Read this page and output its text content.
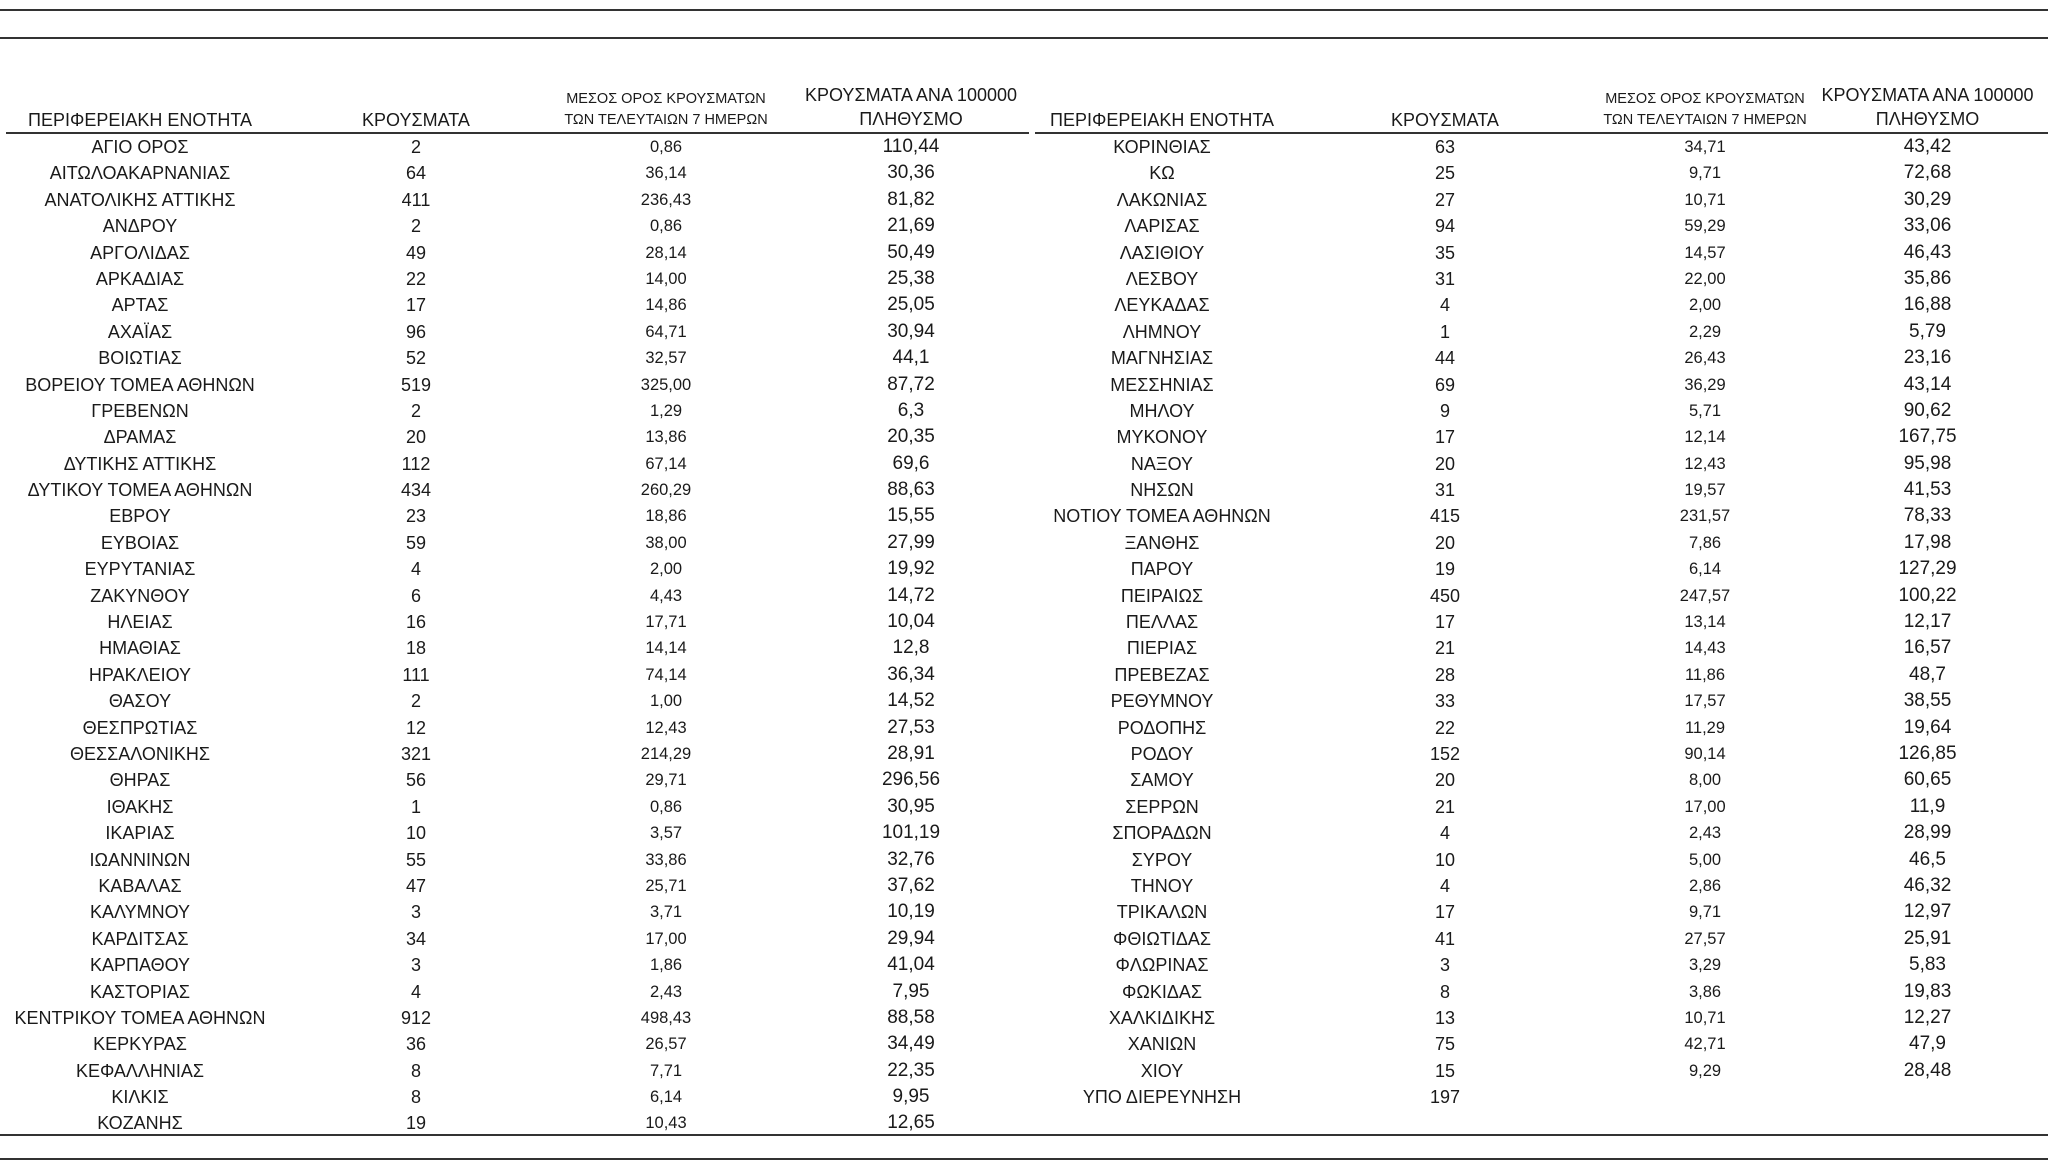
ΠΕΡΙΦΕΡΕΙΑΚΗ ΕΝΟΤΗΤΑ	ΚΡΟΥΣΜΑΤΑ
ΜΕΣΟΣ ΟΡΟΣ ΚΡΟΥΣΜΑΤΩΝ
ΤΩΝ ΤΕΛΕΥΤΑΙΩΝ 7 ΗΜΕΡΩΝ
ΚΡΟΥΣΜΑΤΑ ΑΝΑ 100000
ΠΛΗΘΥΣΜΟ
ΑΓΙΟ ΟΡΟΣ	2	0,86	110,44
ΑΙΤΩΛΟΑΚΑΡΝΑΝΙΑΣ	64	36,14	30,36
ΑΝΑΤΟΛΙΚΗΣ ΑΤΤΙΚΗΣ	411	236,43	81,82
ΑΝΔΡΟΥ	2	0,86	21,69
ΑΡΓΟΛΙΔΑΣ	49	28,14	50,49
ΑΡΚΑΔΙΑΣ	22	14,00	25,38
ΑΡΤΑΣ	17	14,86	25,05
ΑΧΑΪΑΣ	96	64,71	30,94
ΒΟΙΩΤΙΑΣ	52	32,57	44,1
ΒΟΡΕΙΟΥ ΤΟΜΕΑ ΑΘΗΝΩΝ	519	325,00	87,72
ΓΡΕΒΕΝΩΝ	2	1,29	6,3
ΔΡΑΜΑΣ	20	13,86	20,35
ΔΥΤΙΚΗΣ ΑΤΤΙΚΗΣ	112	67,14	69,6
ΔΥΤΙΚΟΥ ΤΟΜΕΑ ΑΘΗΝΩΝ	434	260,29	88,63
ΕΒΡΟΥ	23	18,86	15,55
ΕΥΒΟΙΑΣ	59	38,00	27,99
ΕΥΡΥΤΑΝΙΑΣ	4	2,00	19,92
ΖΑΚΥΝΘΟΥ	6	4,43	14,72
ΗΛΕΙΑΣ	16	17,71	10,04
ΗΜΑΘΙΑΣ	18	14,14	12,8
ΗΡΑΚΛΕΙΟΥ	111	74,14	36,34
ΘΑΣΟΥ	2	1,00	14,52
ΘΕΣΠΡΩΤΙΑΣ	12	12,43	27,53
ΘΕΣΣΑΛΟΝΙΚΗΣ	321	214,29	28,91
ΘΗΡΑΣ	56	29,71	296,56
ΙΘΑΚΗΣ	1	0,86	30,95
ΙΚΑΡΙΑΣ	10	3,57	101,19
ΙΩΑΝΝΙΝΩΝ	55	33,86	32,76
ΚΑΒΑΛΑΣ	47	25,71	37,62
ΚΑΛΥΜΝΟΥ	3	3,71	10,19
ΚΑΡΔΙΤΣΑΣ	34	17,00	29,94
ΚΑΡΠΑΘΟΥ	3	1,86	41,04
ΚΑΣΤΟΡΙΑΣ	4	2,43	7,95
ΚΕΝΤΡΙΚΟΥ ΤΟΜΕΑ ΑΘΗΝΩΝ	912	498,43	88,58
ΚΕΡΚΥΡΑΣ	36	26,57	34,49
ΚΕΦΑΛΛΗΝΙΑΣ	8	7,71	22,35
ΚΙΛΚΙΣ	8	6,14	9,95
ΚΟΖΑΝΗΣ	19	10,43	12,65
ΠΕΡΙΦΕΡΕΙΑΚΗ ΕΝΟΤΗΤΑ	ΚΡΟΥΣΜΑΤΑ
ΜΕΣΟΣ ΟΡΟΣ ΚΡΟΥΣΜΑΤΩΝ
ΤΩΝ ΤΕΛΕΥΤΑΙΩΝ 7 ΗΜΕΡΩΝ
ΚΡΟΥΣΜΑΤΑ ΑΝΑ 100000
ΠΛΗΘΥΣΜΟ
ΚΟΡΙΝΘΙΑΣ	63	34,71	43,42
ΚΩ	25	9,71	72,68
ΛΑΚΩΝΙΑΣ	27	10,71	30,29
ΛΑΡΙΣΑΣ	94	59,29	33,06
ΛΑΣΙΘΙΟΥ	35	14,57	46,43
ΛΕΣΒΟΥ	31	22,00	35,86
ΛΕΥΚΑΔΑΣ	4	2,00	16,88
ΛΗΜΝΟΥ	1	2,29	5,79
ΜΑΓΝΗΣΙΑΣ	44	26,43	23,16
ΜΕΣΣΗΝΙΑΣ	69	36,29	43,14
ΜΗΛΟΥ	9	5,71	90,62
ΜΥΚΟΝΟΥ	17	12,14	167,75
ΝΑΞΟΥ	20	12,43	95,98
ΝΗΣΩΝ	31	19,57	41,53
ΝΟΤΙΟΥ ΤΟΜΕΑ ΑΘΗΝΩΝ	415	231,57	78,33
ΞΑΝΘΗΣ	20	7,86	17,98
ΠΑΡΟΥ	19	6,14	127,29
ΠΕΙΡΑΙΩΣ	450	247,57	100,22
ΠΕΛΛΑΣ	17	13,14	12,17
ΠΙΕΡΙΑΣ	21	14,43	16,57
ΠΡΕΒΕΖΑΣ	28	11,86	48,7
ΡΕΘΥΜΝΟΥ	33	17,57	38,55
ΡΟΔΟΠΗΣ	22	11,29	19,64
ΡΟΔΟΥ	152	90,14	126,85
ΣΑΜΟΥ	20	8,00	60,65
ΣΕΡΡΩΝ	21	17,00	11,9
ΣΠΟΡΑΔΩΝ	4	2,43	28,99
ΣΥΡΟΥ	10	5,00	46,5
ΤΗΝΟΥ	4	2,86	46,32
ΤΡΙΚΑΛΩΝ	17	9,71	12,97
ΦΘΙΩΤΙΔΑΣ	41	27,57	25,91
ΦΛΩΡΙΝΑΣ	3	3,29	5,83
ΦΩΚΙΔΑΣ	8	3,86	19,83
ΧΑΛΚΙΔΙΚΗΣ	13	10,71	12,27
ΧΑΝΙΩΝ	75	42,71	47,9
ΧΙΟΥ	15	9,29	28,48
ΥΠΟ ΔΙΕΡΕΥΝΗΣΗ	197
